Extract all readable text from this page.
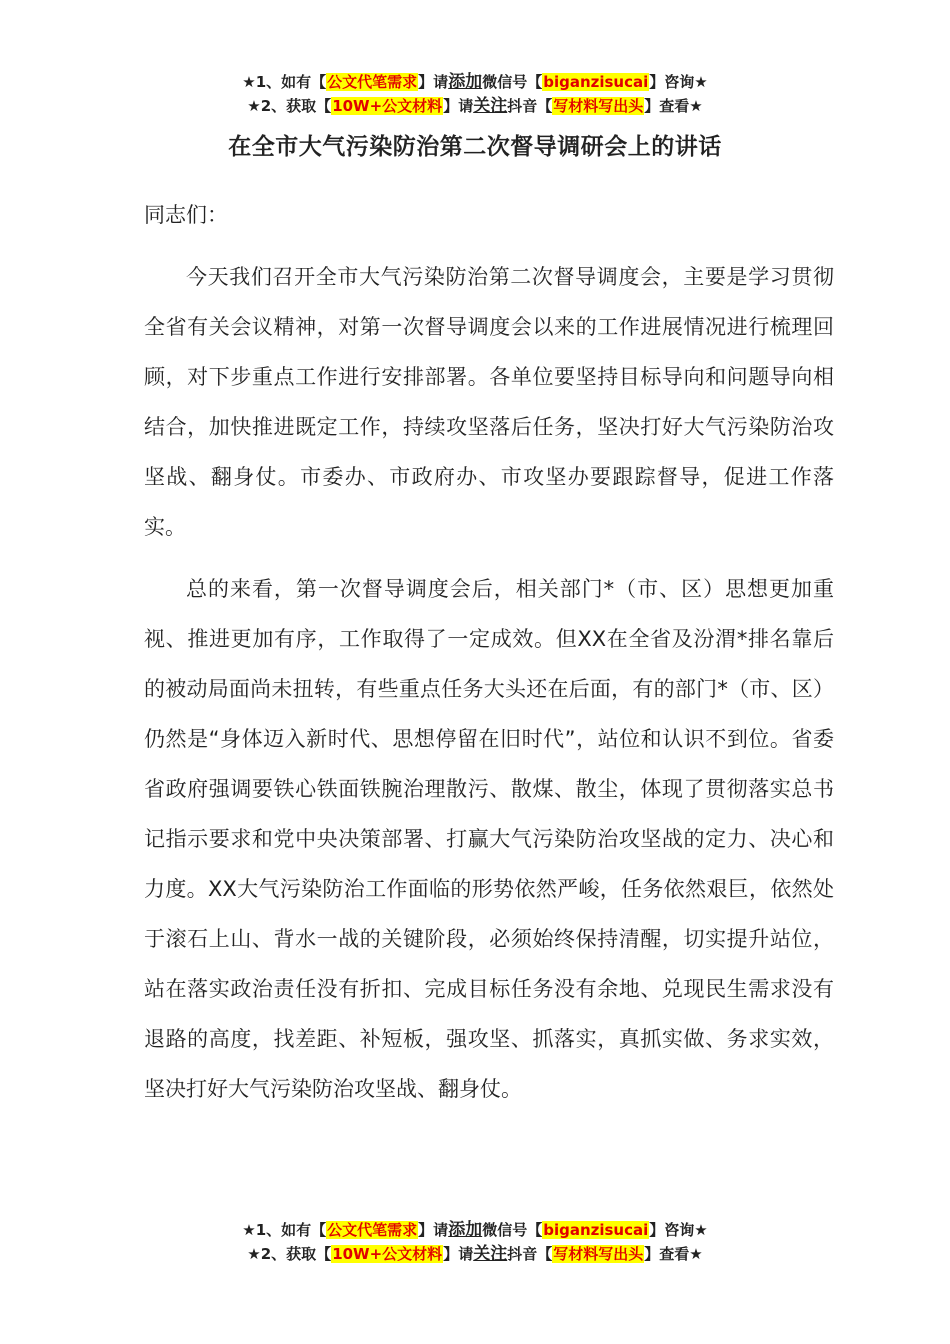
★1、如有【公文代笔需求】请添加微信号【biganzisucai】咨询★
★2、获取【10W+公文材料】请关注抖音【写材料写出头】查看★
在全市大气污染防治第二次督导调研会上的讲话

同志们：

今天我们召开全市大气污染防治第二次督导调度会，主要是学习贯彻全省有关会议精神，对第一次督导调度会以来的工作进展情况进行梳理回顾，对下步重点工作进行安排部署。各单位要坚持目标导向和问题导向相结合，加快推进既定工作，持续攻坚落后任务，坚决打好大气污染防治攻坚战、翻身仗。市委办、市政府办、市攻坚办要跟踪督导，促进工作落实。

总的来看，第一次督导调度会后，相关部门*（市、区）思想更加重视、推进更加有序，工作取得了一定成效。但XX在全省及汾渭*排名靠后的被动局面尚未扭转，有些重点任务大头还在后面，有的部门*（市、区）仍然是“身体迈入新时代、思想停留在旧时代”，站位和认识不到位。省委省政府强调要铁心铁面铁腕治理散污、散煤、散尘，体现了贯彻落实总书记指示要求和党中央决策部署、打赢大气污染防治攻坚战的定力、决心和力度。XX大气污染防治工作面临的形势依然严峻，任务依然艰巨，依然处于滚石上山、背水一战的关键阶段，必须始终保持清醒，切实提升站位，站在落实政治责任没有折扣、完成目标任务没有余地、兑现民生需求没有退路的高度，找差距、补短板，强攻坚、抓落实，真抓实做、务求实效，坚决打好大气污染防治攻坚战、翻身仗。

★1、如有【公文代笔需求】请添加微信号【biganzisucai】咨询★
★2、获取【10W+公文材料】请关注抖音【写材料写出头】查看★
